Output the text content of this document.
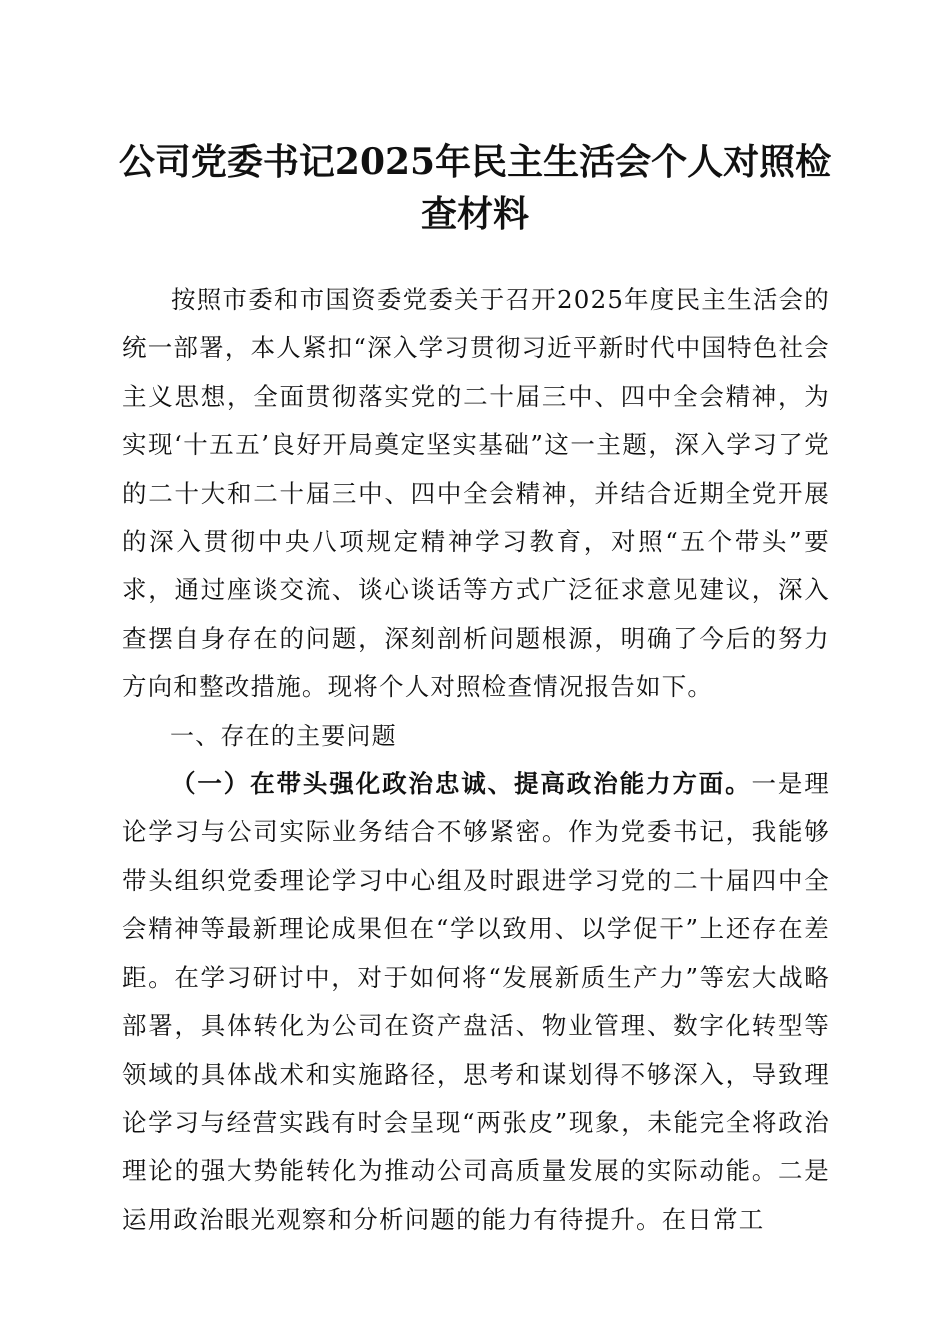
公司党委书记2025年民主生活会个人对照检查材料

按照市委和市国资委党委关于召开2025年度民主生活会的统一部署，本人紧扣“深入学习贯彻习近平新时代中国特色社会主义思想，全面贯彻落实党的二十届三中、四中全会精神，为实现‘十五五’良好开局奠定坚实基础”这一主题，深入学习了党的二十大和二十届三中、四中全会精神，并结合近期全党开展的深入贯彻中央八项规定精神学习教育，对照“五个带头”要求，通过座谈交流、谈心谈话等方式广泛征求意见建议，深入查摆自身存在的问题，深刻剖析问题根源，明确了今后的努力方向和整改措施。现将个人对照检查情况报告如下。

一、存在的主要问题

（一）在带头强化政治忠诚、提高政治能力方面。一是理论学习与公司实际业务结合不够紧密。作为党委书记，我能够带头组织党委理论学习中心组及时跟进学习党的二十届四中全会精神等最新理论成果但在“学以致用、以学促干”上还存在差距。在学习研讨中，对于如何将“发展新质生产力”等宏大战略部署，具体转化为公司在资产盘活、物业管理、数字化转型等领域的具体战术和实施路径，思考和谋划得不够深入，导致理论学习与经营实践有时会呈现“两张皮”现象，未能完全将政治理论的强大势能转化为推动公司高质量发展的实际动能。二是运用政治眼光观察和分析问题的能力有待提升。在日常工
